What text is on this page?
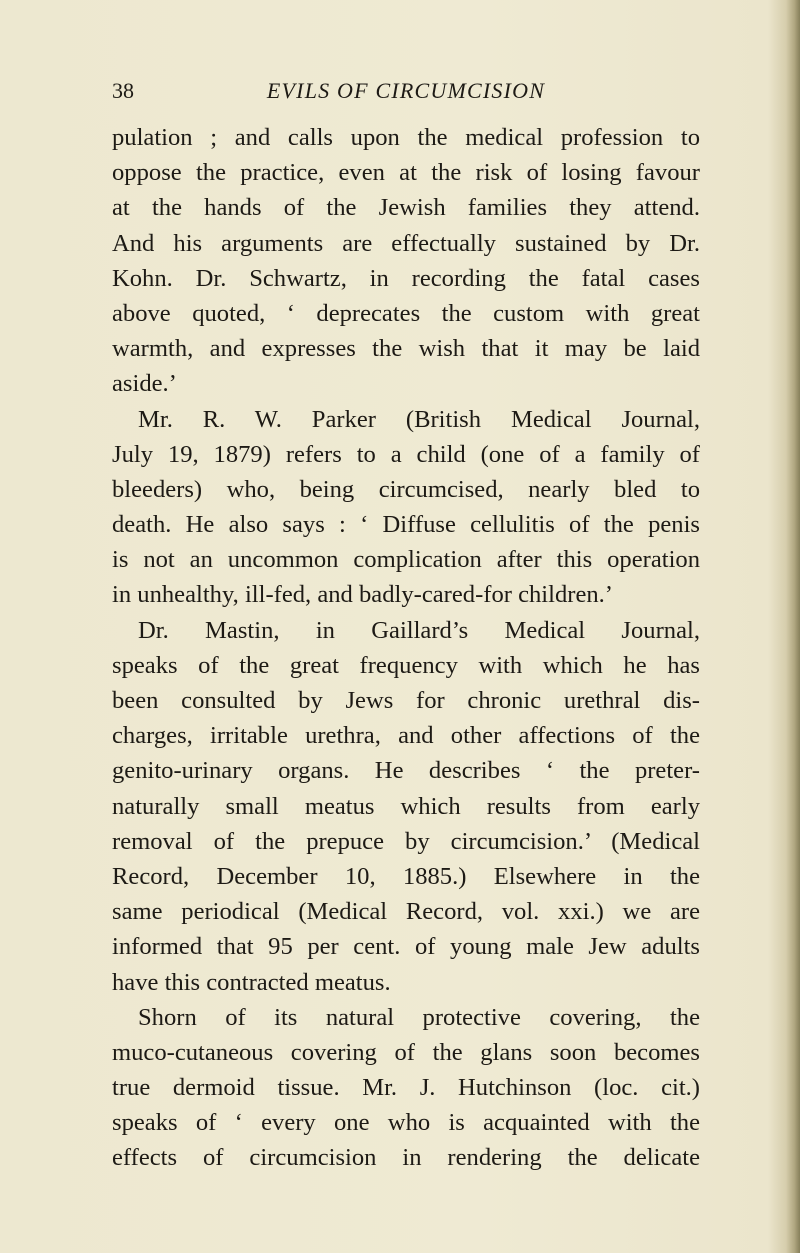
38	EVILS OF CIRCUMCISION
pulation ; and calls upon the medical profession to
oppose the practice, even at the risk of losing favour
at the hands of the Jewish families they attend.
And his arguments are effectually sustained by Dr.
Kohn. Dr. Schwartz, in recording the fatal cases
above quoted, ‘ deprecates the custom with great
warmth, and expresses the wish that it may be laid
aside.’
Mr. R. W. Parker (British Medical Journal,
July 19, 1879) refers to a child (one of a family of
bleeders) who, being circumcised, nearly bled to
death. He also says : ‘ Diffuse cellulitis of the penis
is not an uncommon complication after this operation
in unhealthy, ill-fed, and badly-cared-for children.’
Dr. Mastin, in Gaillard’s Medical Journal,
speaks of the great frequency with which he has
been consulted by Jews for chronic urethral dis-
charges, irritable urethra, and other affections of the
genito-urinary organs. He describes ‘ the preter-
naturally small meatus which results from early
removal of the prepuce by circumcision.’ (Medical
Record, December 10, 1885.) Elsewhere in the
same periodical (Medical Record, vol. xxi.) we are
informed that 95 per cent. of young male Jew adults
have this contracted meatus.
Shorn of its natural protective covering, the
muco-cutaneous covering of the glans soon becomes
true dermoid tissue. Mr. J. Hutchinson (loc. cit.)
speaks of ‘ every one who is acquainted with the
effects of circumcision in rendering the delicate
